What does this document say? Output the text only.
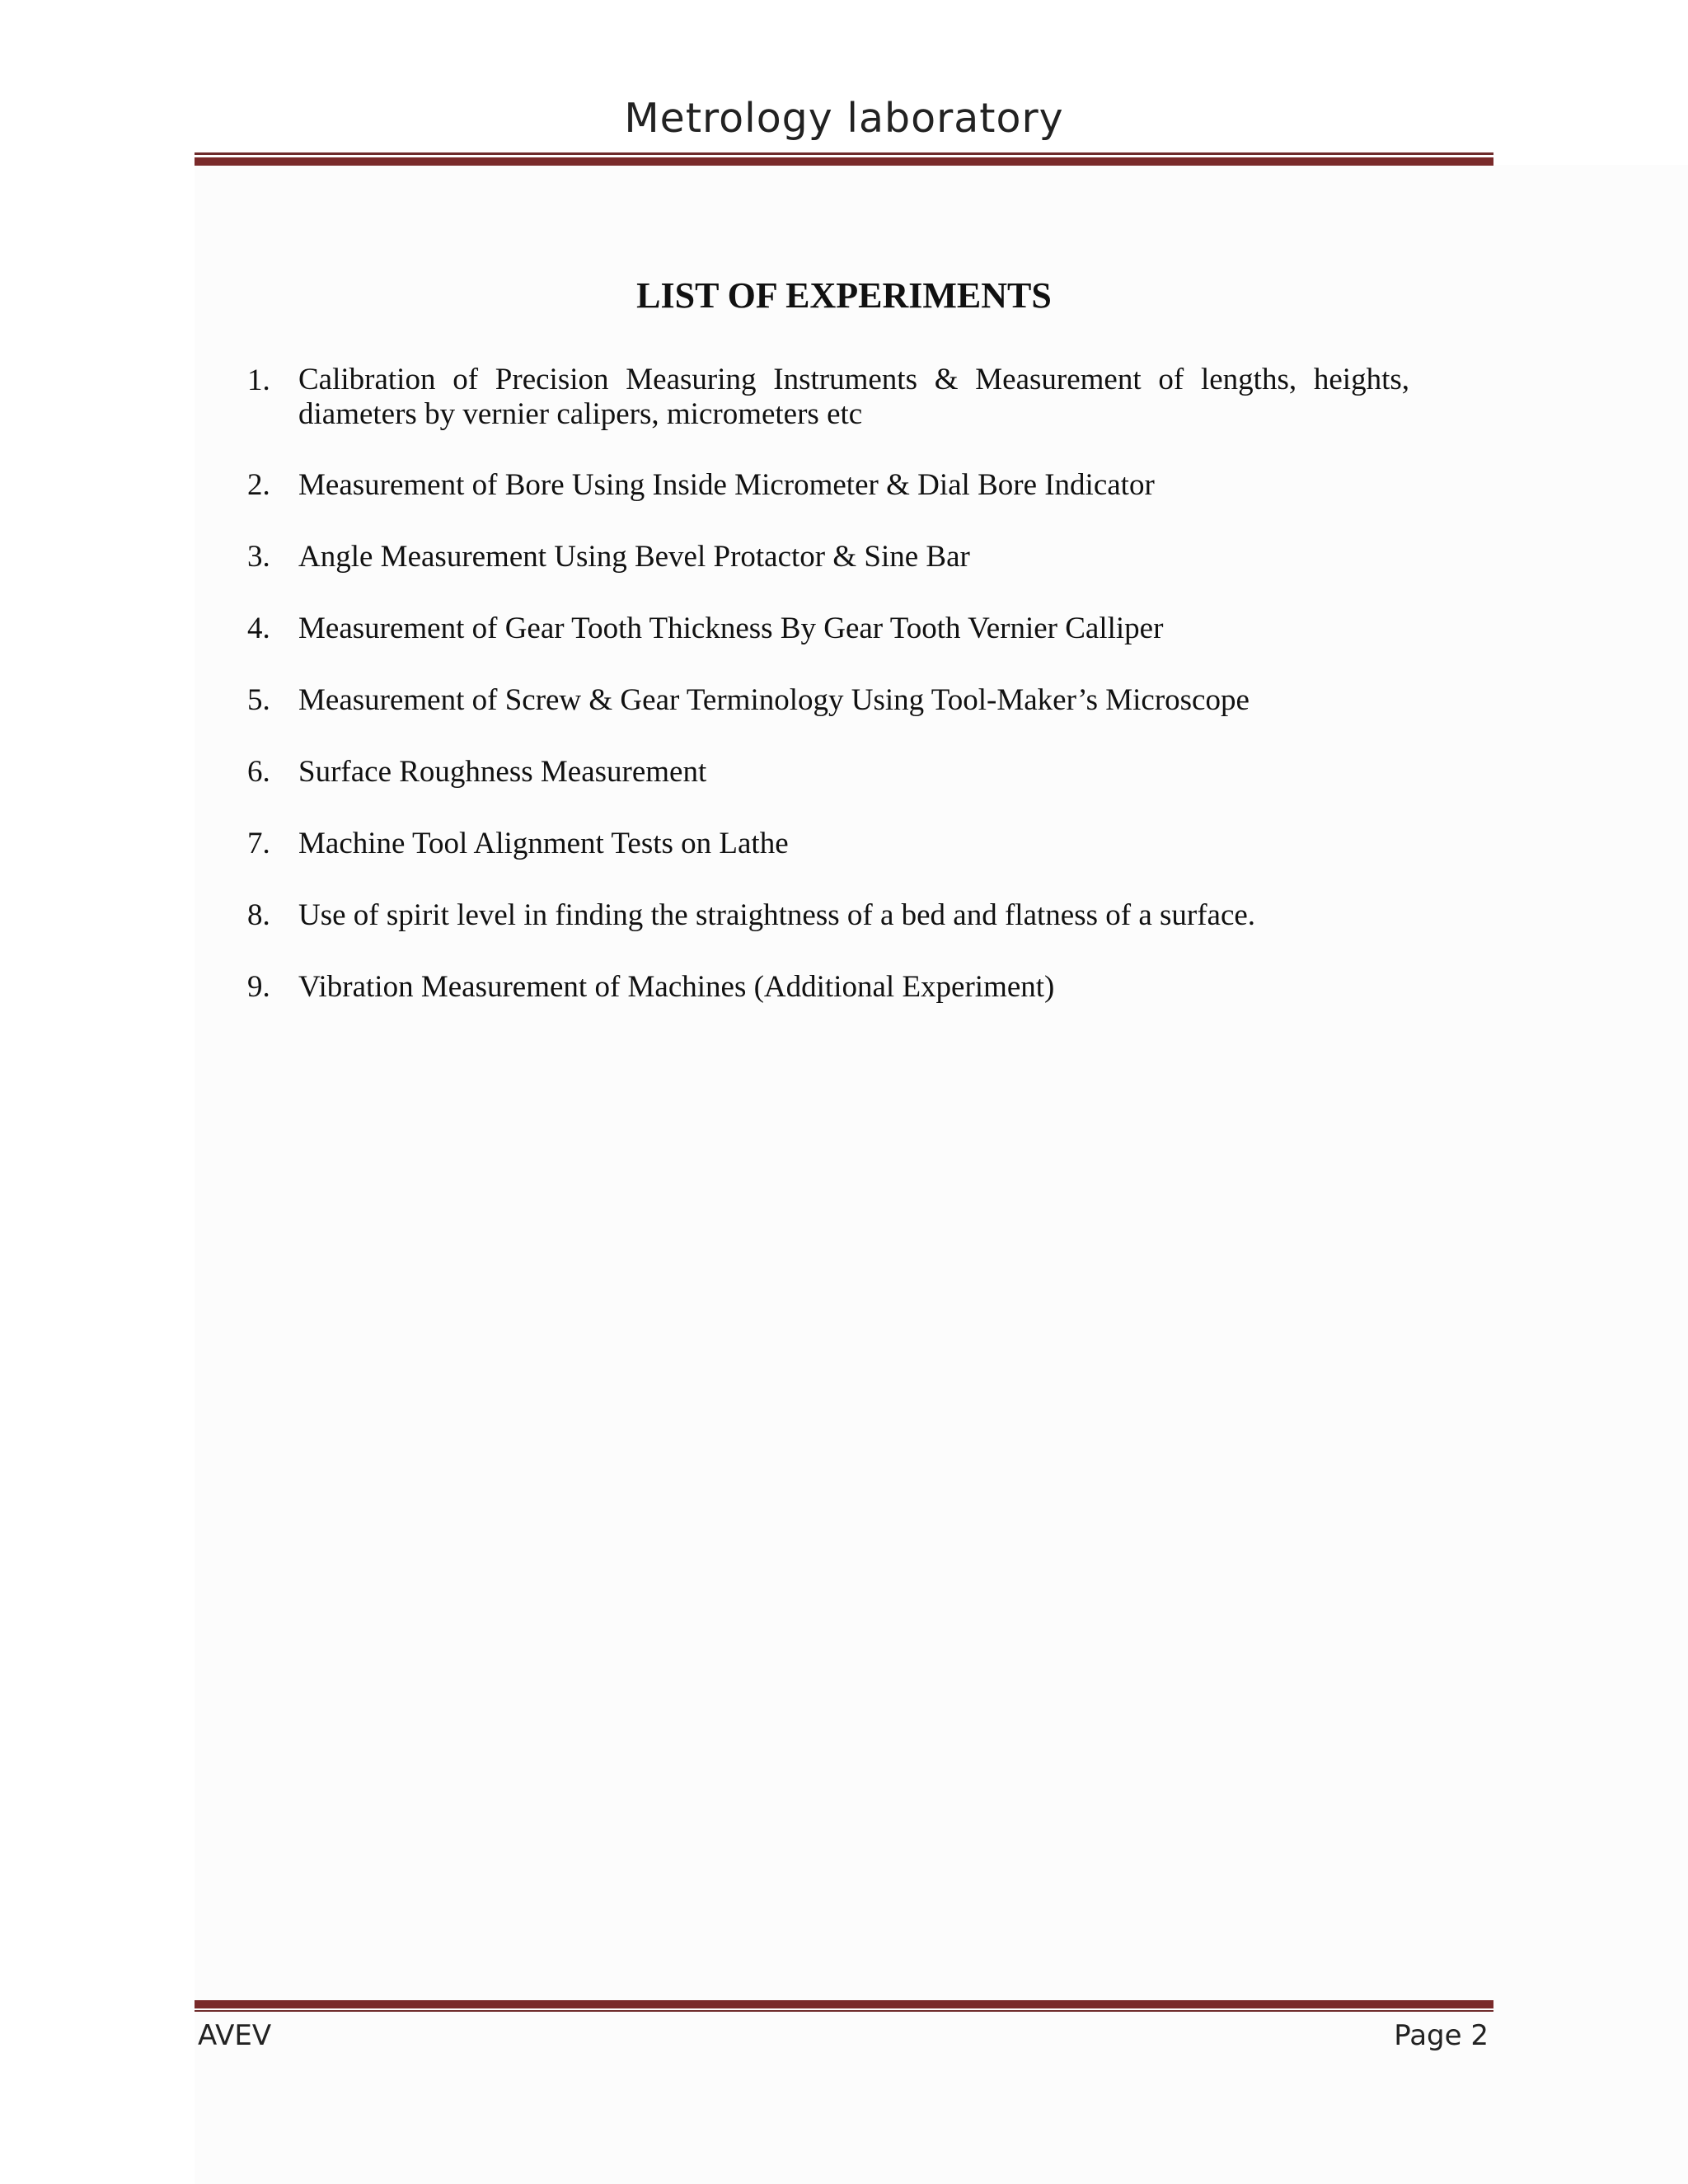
Metrology laboratory
LIST OF EXPERIMENTS
1. Calibration of Precision Measuring Instruments & Measurement of lengths, heights, diameters by vernier calipers, micrometers etc
2. Measurement of Bore Using Inside Micrometer & Dial Bore Indicator
3. Angle Measurement Using Bevel Protactor & Sine Bar
4. Measurement of Gear Tooth Thickness By Gear Tooth Vernier Calliper
5. Measurement of Screw & Gear Terminology Using Tool-Maker’s Microscope
6. Surface Roughness Measurement
7. Machine Tool Alignment Tests on Lathe
8. Use of spirit level in finding the straightness of a bed and flatness of a surface.
9. Vibration Measurement of Machines (Additional Experiment)
AVEV	Page 2
